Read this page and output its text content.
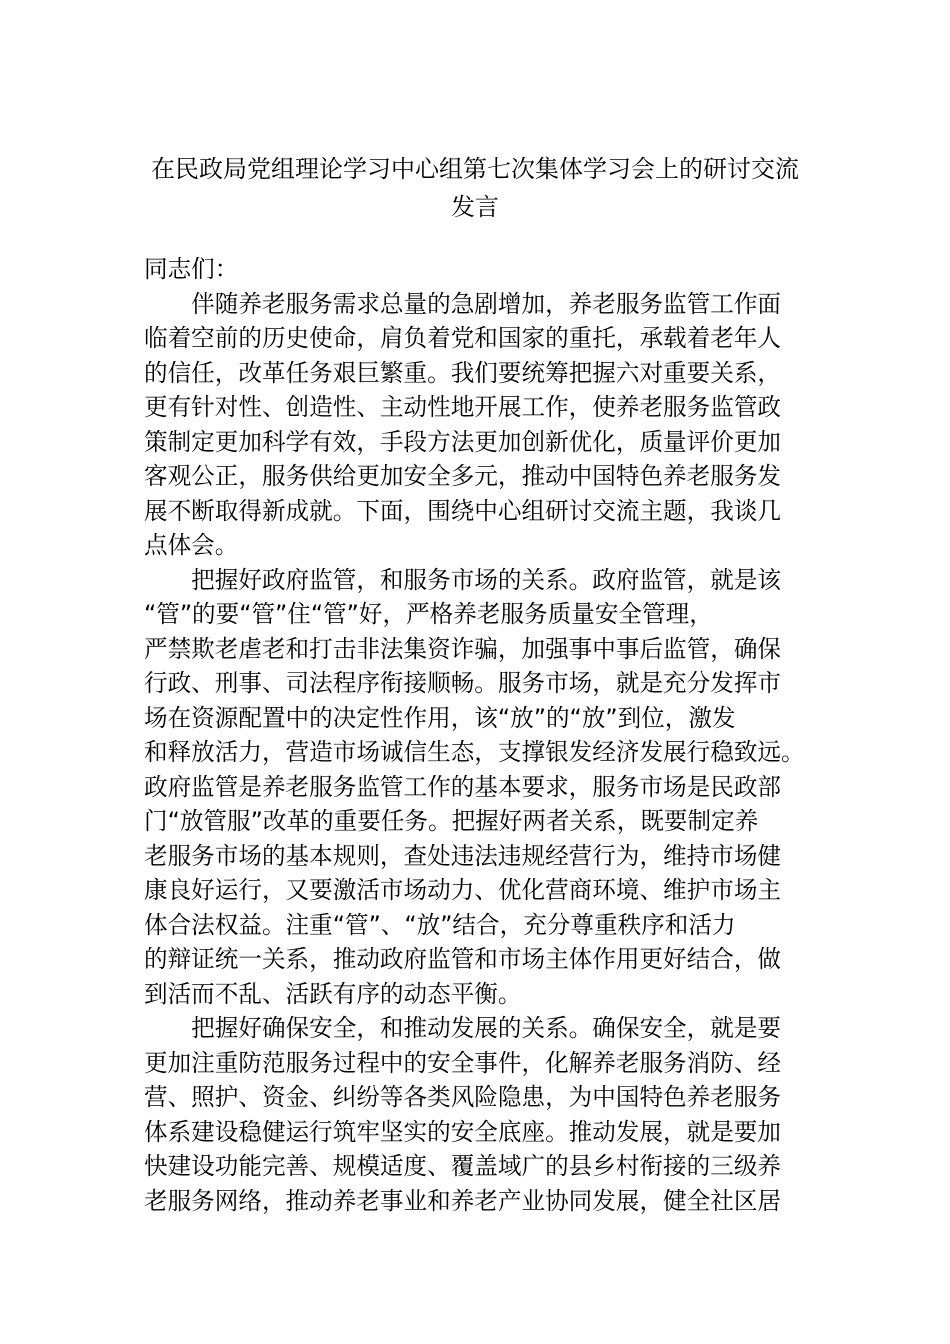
在民政局党组理论学习中心组第七次集体学习会上的研讨交流
发言
同志们：
　　伴随养老服务需求总量的急剧增加，养老服务监管工作面
临着空前的历史使命，肩负着党和国家的重托，承载着老年人
的信任，改革任务艰巨繁重。我们要统筹把握六对重要关系，
更有针对性、创造性、主动性地开展工作，使养老服务监管政
策制定更加科学有效，手段方法更加创新优化，质量评价更加
客观公正，服务供给更加安全多元，推动中国特色养老服务发
展不断取得新成就。下面，围绕中心组研讨交流主题，我谈几
点体会。
　　把握好政府监管，和服务市场的关系。政府监管，就是该
“管”的要“管”住“管”好，严格养老服务质量安全管理，
严禁欺老虐老和打击非法集资诈骗，加强事中事后监管，确保
行政、刑事、司法程序衔接顺畅。服务市场，就是充分发挥市
场在资源配置中的决定性作用，该“放”的“放”到位，激发
和释放活力，营造市场诚信生态，支撑银发经济发展行稳致远。
政府监管是养老服务监管工作的基本要求，服务市场是民政部
门“放管服”改革的重要任务。把握好两者关系，既要制定养
老服务市场的基本规则，查处违法违规经营行为，维持市场健
康良好运行，又要激活市场动力、优化营商环境、维护市场主
体合法权益。注重“管”、“放”结合，充分尊重秩序和活力
的辩证统一关系，推动政府监管和市场主体作用更好结合，做
到活而不乱、活跃有序的动态平衡。
　　把握好确保安全，和推动发展的关系。确保安全，就是要
更加注重防范服务过程中的安全事件，化解养老服务消防、经
营、照护、资金、纠纷等各类风险隐患，为中国特色养老服务
体系建设稳健运行筑牢坚实的安全底座。推动发展，就是要加
快建设功能完善、规模适度、覆盖域广的县乡村衔接的三级养
老服务网络，推动养老事业和养老产业协同发展，健全社区居
